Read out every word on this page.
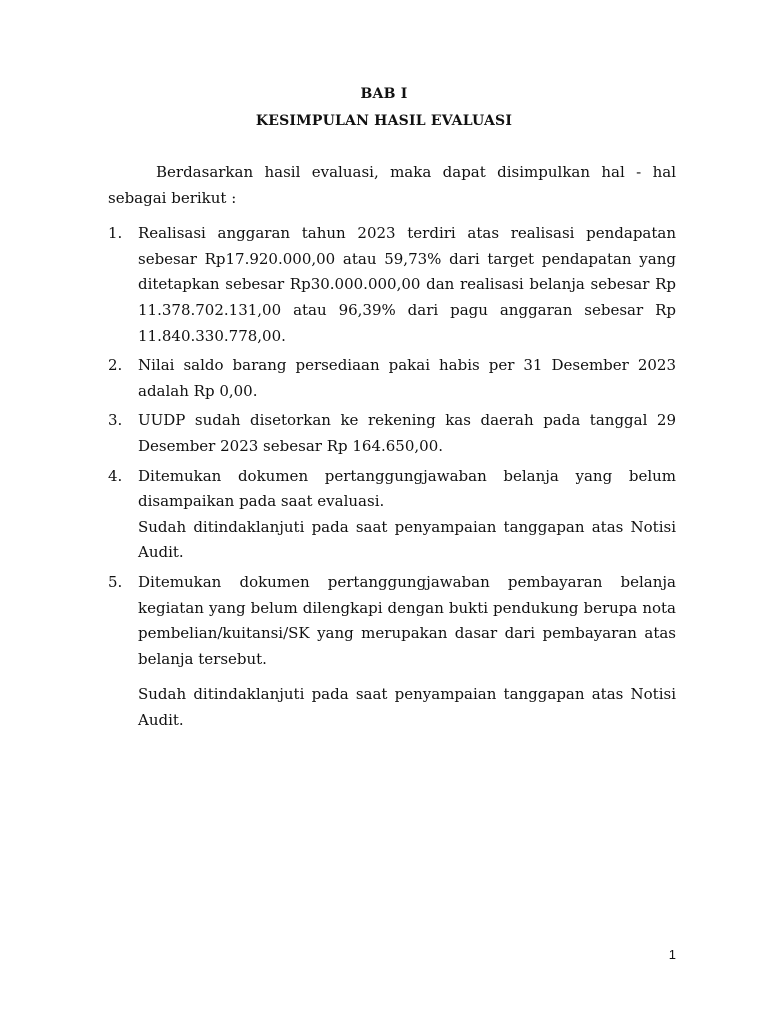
BAB I
KESIMPULAN HASIL EVALUASI

Berdasarkan hasil evaluasi, maka dapat disimpulkan hal - hal sebagai berikut :

1. Realisasi anggaran tahun 2023 terdiri atas realisasi pendapatan sebesar Rp17.920.000,00 atau 59,73% dari target pendapatan yang ditetapkan sebesar Rp30.000.000,00 dan realisasi belanja sebesar Rp 11.378.702.131,00 atau 96,39% dari pagu anggaran sebesar Rp 11.840.330.778,00.

2. Nilai saldo barang persediaan pakai habis per 31 Desember 2023 adalah Rp 0,00.

3. UUDP sudah disetorkan ke rekening kas daerah pada tanggal 29 Desember 2023 sebesar Rp 164.650,00.

4. Ditemukan dokumen pertanggungjawaban belanja yang belum disampaikan pada saat evaluasi.

Sudah ditindaklanjuti pada saat penyampaian tanggapan atas Notisi Audit.

5. Ditemukan dokumen pertanggungjawaban pembayaran belanja kegiatan yang belum dilengkapi dengan bukti pendukung berupa nota pembelian/kuitansi/SK yang merupakan dasar dari pembayaran atas belanja tersebut.

Sudah ditindaklanjuti pada saat penyampaian tanggapan atas Notisi Audit.

1
